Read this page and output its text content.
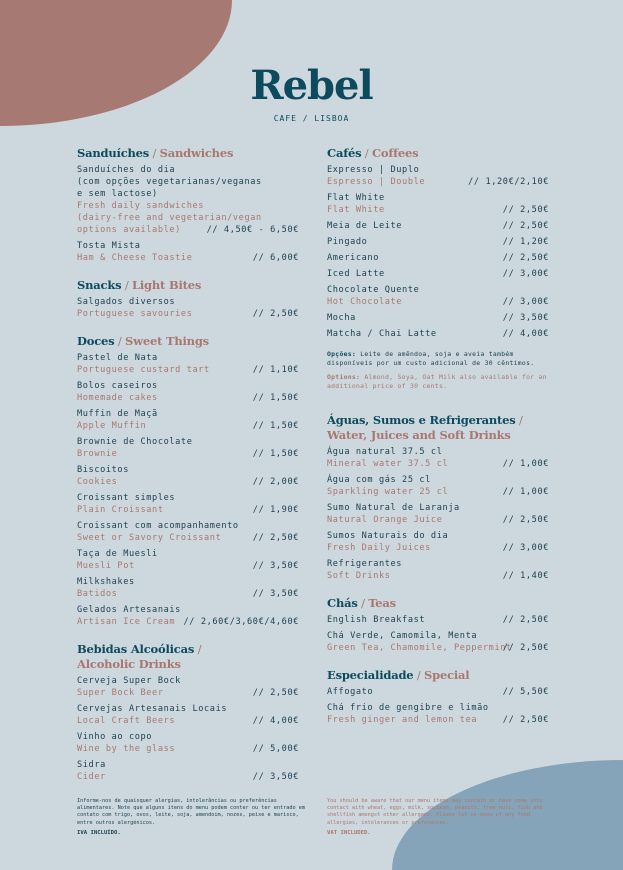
Rebel
CAFE / LISBOA
Sanduíches / Sandwiches
Sanduíches do dia
(com opções vegetarianas/veganas
e sem lactose)
Fresh daily sandwiches
(dairy-free and vegetarian/vegan
options available)	// 4,50€ - 6,50€
Tosta Mista
Ham & Cheese Toastie	// 6,00€
Snacks / Light Bites
Salgados diversos
Portuguese savouries	// 2,50€
Doces / Sweet Things
Pastel de Nata
Portuguese custard tart	// 1,10€
Bolos caseiros
Homemade cakes	// 1,50€
Muffin de Maçã
Apple Muffin	// 1,50€
Brownie de Chocolate
Brownie	// 1,50€
Biscoitos
Cookies	// 2,00€
Croissant simples
Plain Croissant	// 1,90€
Croissant com acompanhamento
Sweet or Savory Croissant	// 2,50€
Taça de Muesli
Muesli Pot	// 3,50€
Milkshakes
Batidos	// 3,50€
Gelados Artesanais
Artisan Ice Cream // 2,60€/3,60€/4,60€
Bebidas Alcoólicas /
Alcoholic Drinks
Cerveja Super Bock
Super Bock Beer	// 2,50€
Cervejas Artesanais Locais
Local Craft Beers	// 4,00€
Vinho ao copo
Wine by the glass	// 5,00€
Sidra
Cider	// 3,50€
Cafés / Coffees
Expresso | Duplo
Espresso | Double	// 1,20€/2,10€
Flat White
Flat White	// 2,50€
Meia de Leite	// 2,50€
Pingado	// 1,20€
Americano	// 2,50€
Iced Latte	// 3,00€
Chocolate Quente
Hot Chocolate	// 3,00€
Mocha	// 3,50€
Matcha / Chai Latte	// 4,00€
Opções: Leite de amêndoa, soja e aveia também disponíveis por um custo adicional de 30 cêntimos.
Options: Almond, Soya, Oat Milk also available for an additional price of 30 cents.
Águas, Sumos e Refrigerantes /
Water, Juices and Soft Drinks
Água natural 37.5 cl
Mineral water 37.5 cl	// 1,00€
Água com gás 25 cl
Sparkling water 25 cl	// 1,00€
Sumo Natural de Laranja
Natural Orange Juice	// 2,50€
Sumos Naturais do dia
Fresh Daily Juices	// 3,00€
Refrigerantes
Soft Drinks	// 1,40€
Chás / Teas
English Breakfast	// 2,50€
Chá Verde, Camomila, Menta
Green Tea, Chamomile, Peppermint
// 2,50€
Especialidade / Special
Affogato	// 5,50€
Chá frio de gengibre e limão
Fresh ginger and lemon tea	// 2,50€
Informe-nos de quaisquer alergias, intolerâncias ou preferências alimentares. Note que alguns itens do menu podem conter ou ter entrado em contato com trigo, ovos, leite, soja, amendoim, nozes, peixe e marisco, entre outros alergénicos.
IVA INCLUÍDO.
You should be aware that our menu items may contain or have come into contact with wheat, eggs, milk, soybean, peanuts, tree nuts, fish and shellfish amongst other allergens. Please let us know of any food allergies, intolerances or preferences.
VAT INCLUDED.
